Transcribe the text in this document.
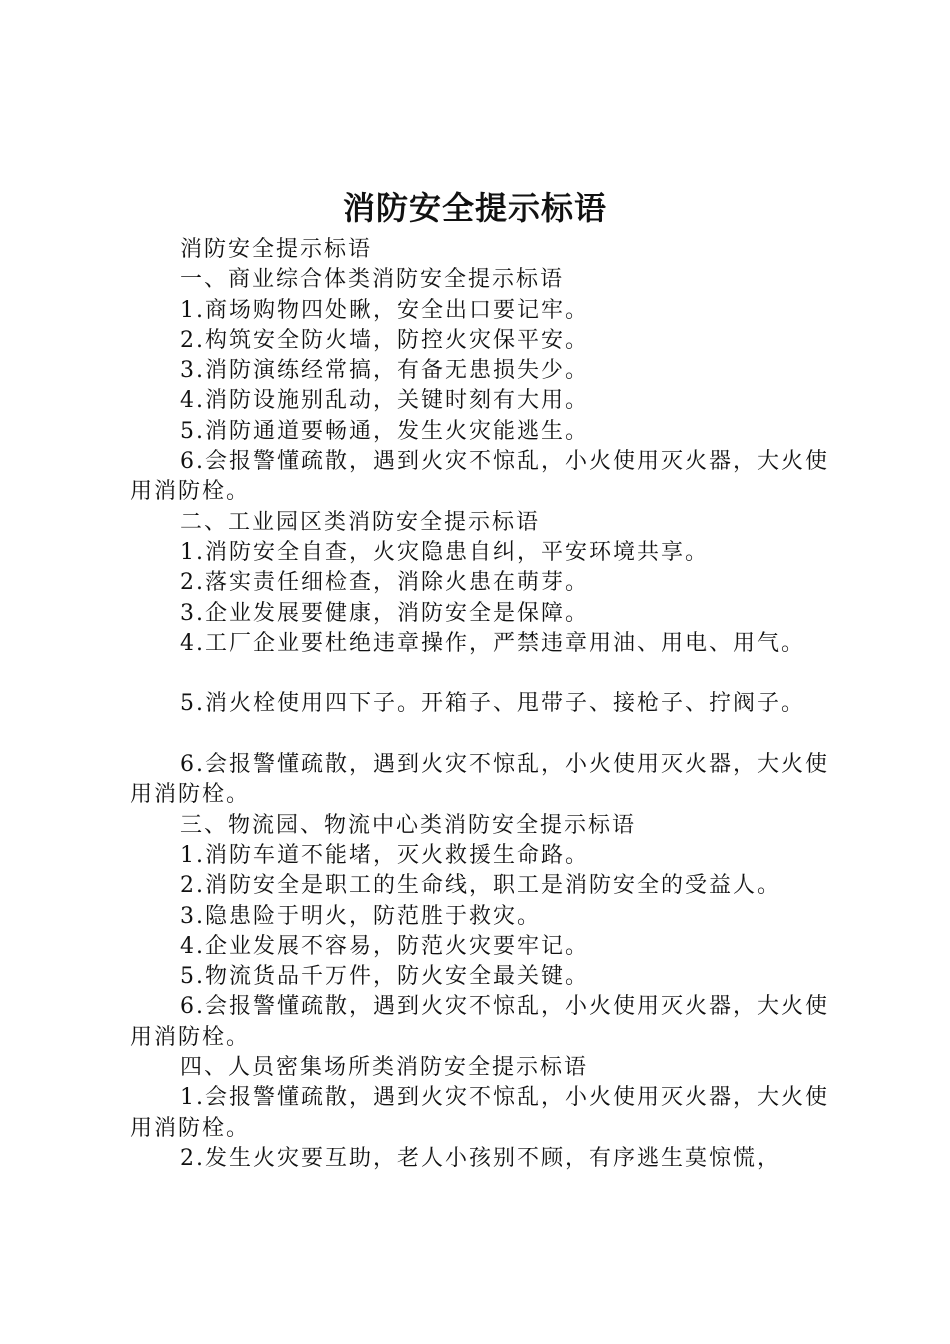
消防安全提示标语

消防安全提示标语

一、商业综合体类消防安全提示标语

1.商场购物四处瞅，安全出口要记牢。

2.构筑安全防火墙，防控火灾保平安。

3.消防演练经常搞，有备无患损失少。

4.消防设施别乱动，关键时刻有大用。

5.消防通道要畅通，发生火灾能逃生。

6.会报警懂疏散，遇到火灾不惊乱，小火使用灭火器，大火使用消防栓。

二、工业园区类消防安全提示标语

1.消防安全自查，火灾隐患自纠，平安环境共享。

2.落实责任细检查，消除火患在萌芽。

3.企业发展要健康，消防安全是保障。

4.工厂企业要杜绝违章操作，严禁违章用油、用电、用气。

5.消火栓使用四下子。开箱子、甩带子、接枪子、拧阀子。

6.会报警懂疏散，遇到火灾不惊乱，小火使用灭火器，大火使用消防栓。

三、物流园、物流中心类消防安全提示标语

1.消防车道不能堵，灭火救援生命路。

2.消防安全是职工的生命线，职工是消防安全的受益人。

3.隐患险于明火，防范胜于救灾。

4.企业发展不容易，防范火灾要牢记。

5.物流货品千万件，防火安全最关键。

6.会报警懂疏散，遇到火灾不惊乱，小火使用灭火器，大火使用消防栓。

四、人员密集场所类消防安全提示标语

1.会报警懂疏散，遇到火灾不惊乱，小火使用灭火器，大火使用消防栓。

2.发生火灾要互助，老人小孩别不顾，有序逃生莫惊慌，
